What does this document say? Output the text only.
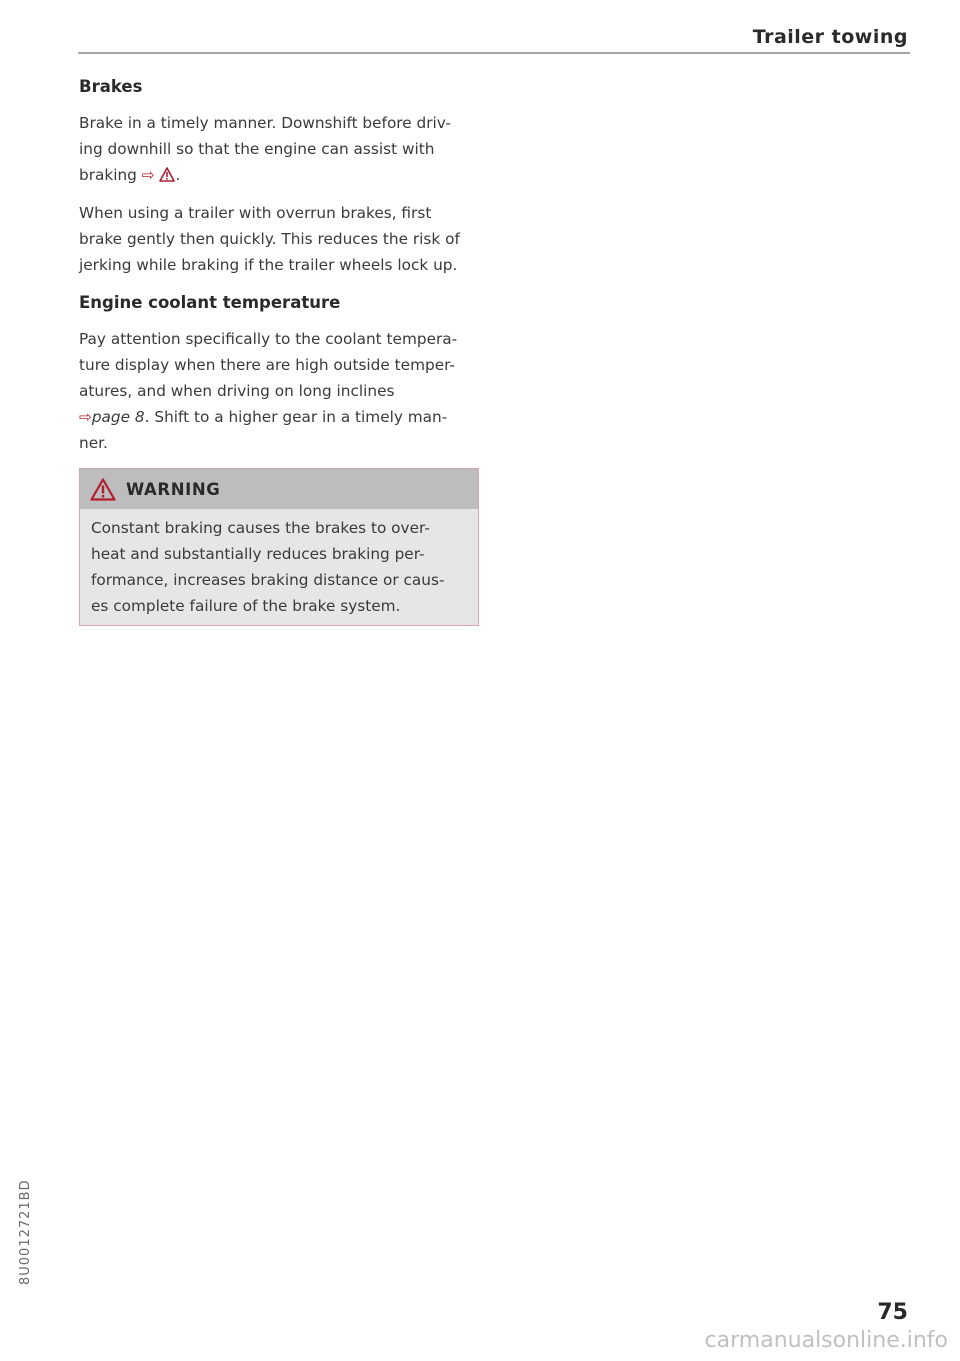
Trailer towing
Brakes

Brake in a timely manner. Downshift before driv-
ing downhill so that the engine can assist with
braking ⇨ .

When using a trailer with overrun brakes, first
brake gently then quickly. This reduces the risk of
jerking while braking if the trailer wheels lock up.

Engine coolant temperature

Pay attention specifically to the coolant tempera-
ture display when there are high outside temper-
atures, and when driving on long inclines
⇨page 8. Shift to a higher gear in a timely man-
ner.

WARNING
Constant braking causes the brakes to over-
heat and substantially reduces braking per-
formance, increases braking distance or caus-
es complete failure of the brake system.
8U0012721BD
75
carmanualsonline.info
